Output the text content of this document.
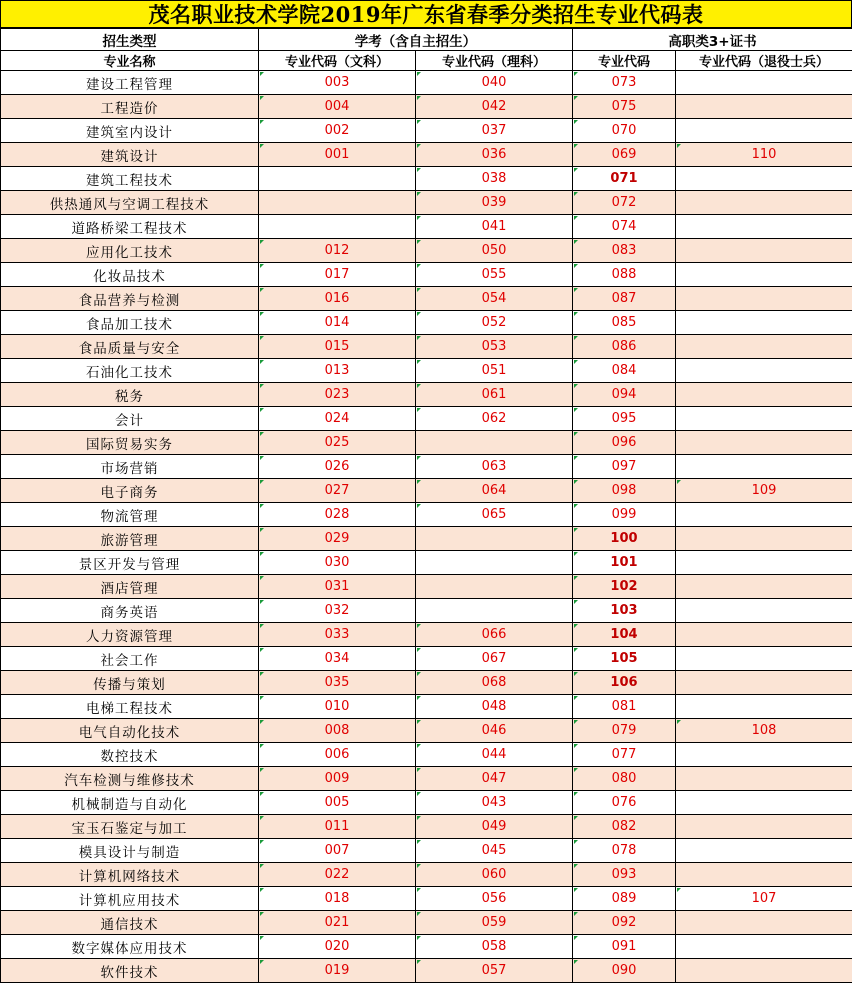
茂名职业技术学院2019年广东省春季分类招生专业代码表
招生类型	学考（含自主招生）		高职类3+证书	
专业名称	专业代码（文科）	专业代码（理科）	专业代码	专业代码（退役士兵）
建设工程管理	003	040	073	
工程造价	004	042	075	
建筑室内设计	002	037	070	
建筑设计	001	036	069	110
建筑工程技术		038	071	
供热通风与空调工程技术		039	072	
道路桥梁工程技术		041	074	
应用化工技术	012	050	083	
化妆品技术	017	055	088	
食品营养与检测	016	054	087	
食品加工技术	014	052	085	
食品质量与安全	015	053	086	
石油化工技术	013	051	084	
税务	023	061	094	
会计	024	062	095	
国际贸易实务	025		096	
市场营销	026	063	097	
电子商务	027	064	098	109
物流管理	028	065	099	
旅游管理	029		100	
景区开发与管理	030		101	
酒店管理	031		102	
商务英语	032		103	
人力资源管理	033	066	104	
社会工作	034	067	105	
传播与策划	035	068	106	
电梯工程技术	010	048	081	
电气自动化技术	008	046	079	108
数控技术	006	044	077	
汽车检测与维修技术	009	047	080	
机械制造与自动化	005	043	076	
宝玉石鉴定与加工	011	049	082	
模具设计与制造	007	045	078	
计算机网络技术	022	060	093	
计算机应用技术	018	056	089	107
通信技术	021	059	092	
数字媒体应用技术	020	058	091	
软件技术	019	057	090	
